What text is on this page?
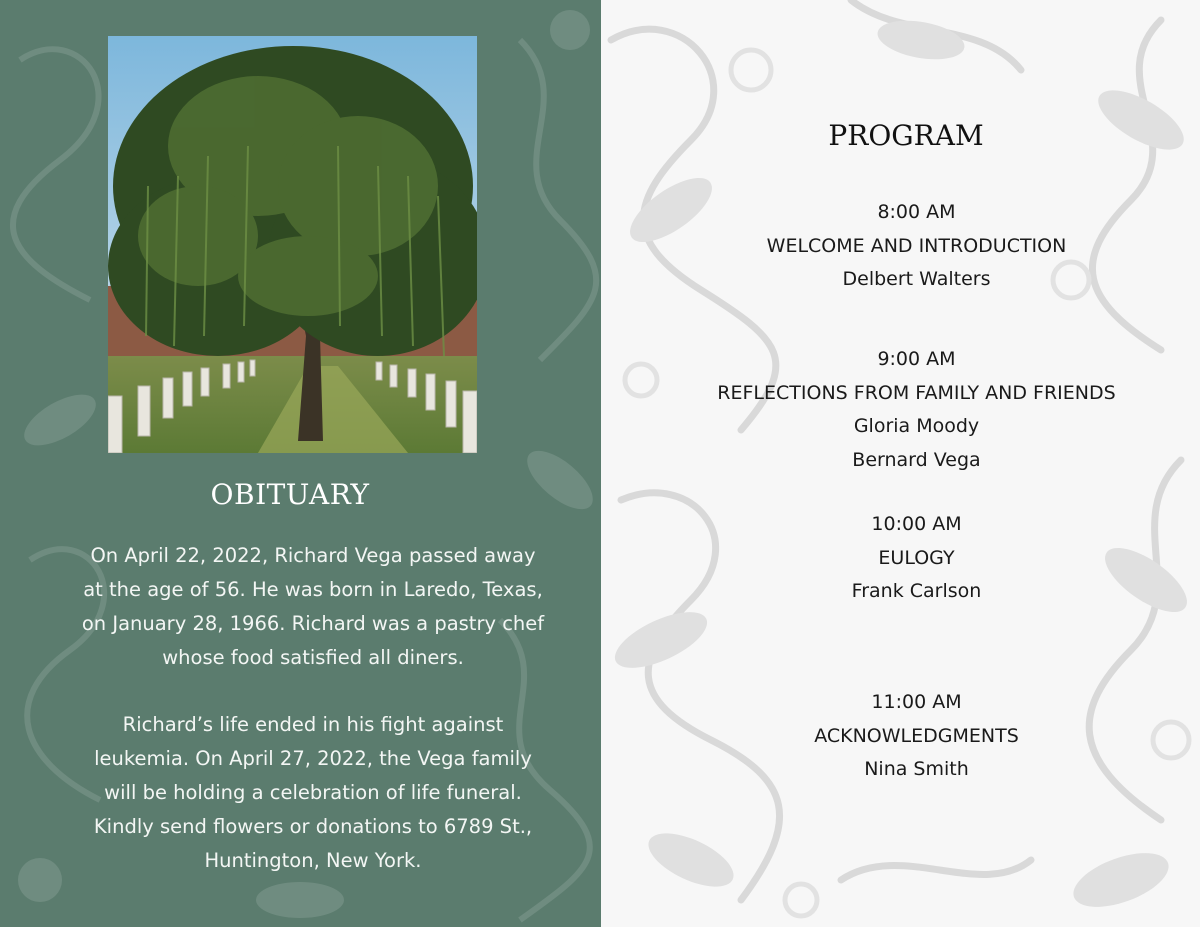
OBITUARY

On April 22, 2022, Richard Vega passed away at the age of 56. He was born in Laredo, Texas, on January 28, 1966. Richard was a pastry chef whose food satisfied all diners.

Richard’s life ended in his fight against leukemia. On April 27, 2022, the Vega family will be holding a celebration of life funeral. Kindly send flowers or donations to 6789 St., Huntington, New York.

PROGRAM
8:00 AM
WELCOME AND INTRODUCTION
Delbert Walters
9:00 AM
REFLECTIONS FROM FAMILY AND FRIENDS
Gloria Moody
Bernard Vega
10:00 AM
EULOGY
Frank Carlson
11:00 AM
ACKNOWLEDGMENTS
Nina Smith
